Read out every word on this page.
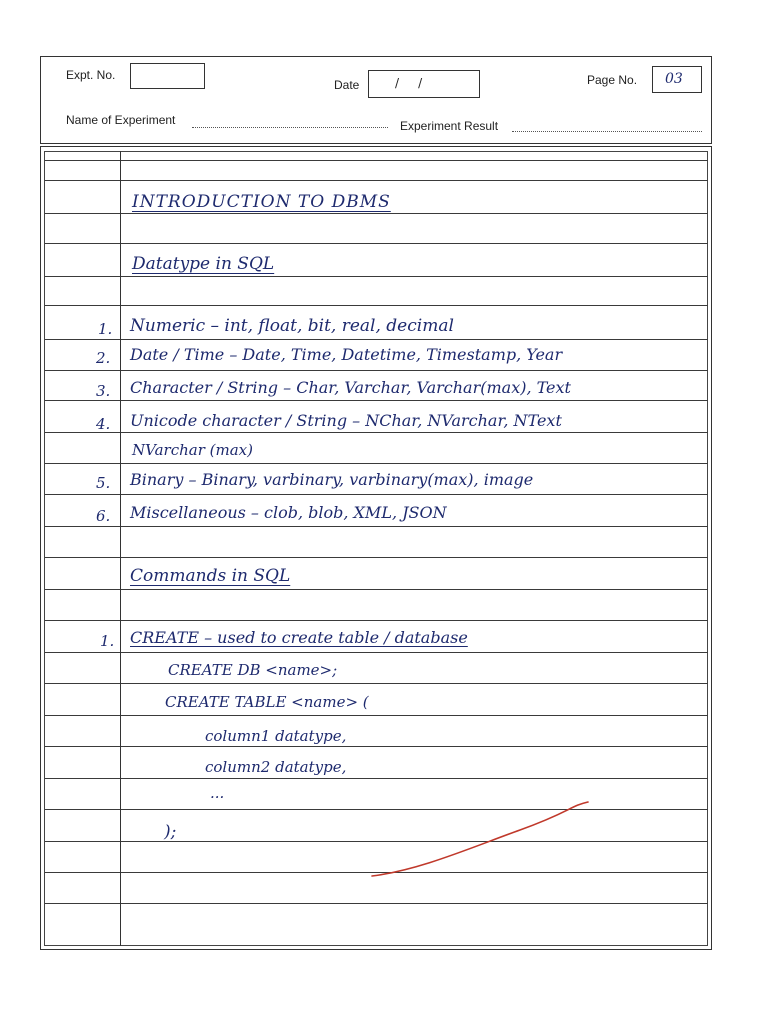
Expt. No.
Date	/     /	Page No. 03
Name of Experiment	Experiment Result
INTRODUCTION TO DBMS
Datatype in SQL
1. Numeric – int, float, bit, real, decimal
2. Date / Time – Date, Time, Datetime, Timestamp, Year
3. Character / String – Char, Varchar, Varchar(max), Text
4. Unicode character / String – NChar, NVarchar, NText
NVarchar (max)
5. Binary – Binary, varbinary, varbinary(max), image
6. Miscellaneous – clob, blob, XML, JSON
Commands in SQL
1. CREATE – used to create table / database
CREATE DB <name>;
CREATE TABLE <name> (
column1 datatype,
column2 datatype,
...
);
